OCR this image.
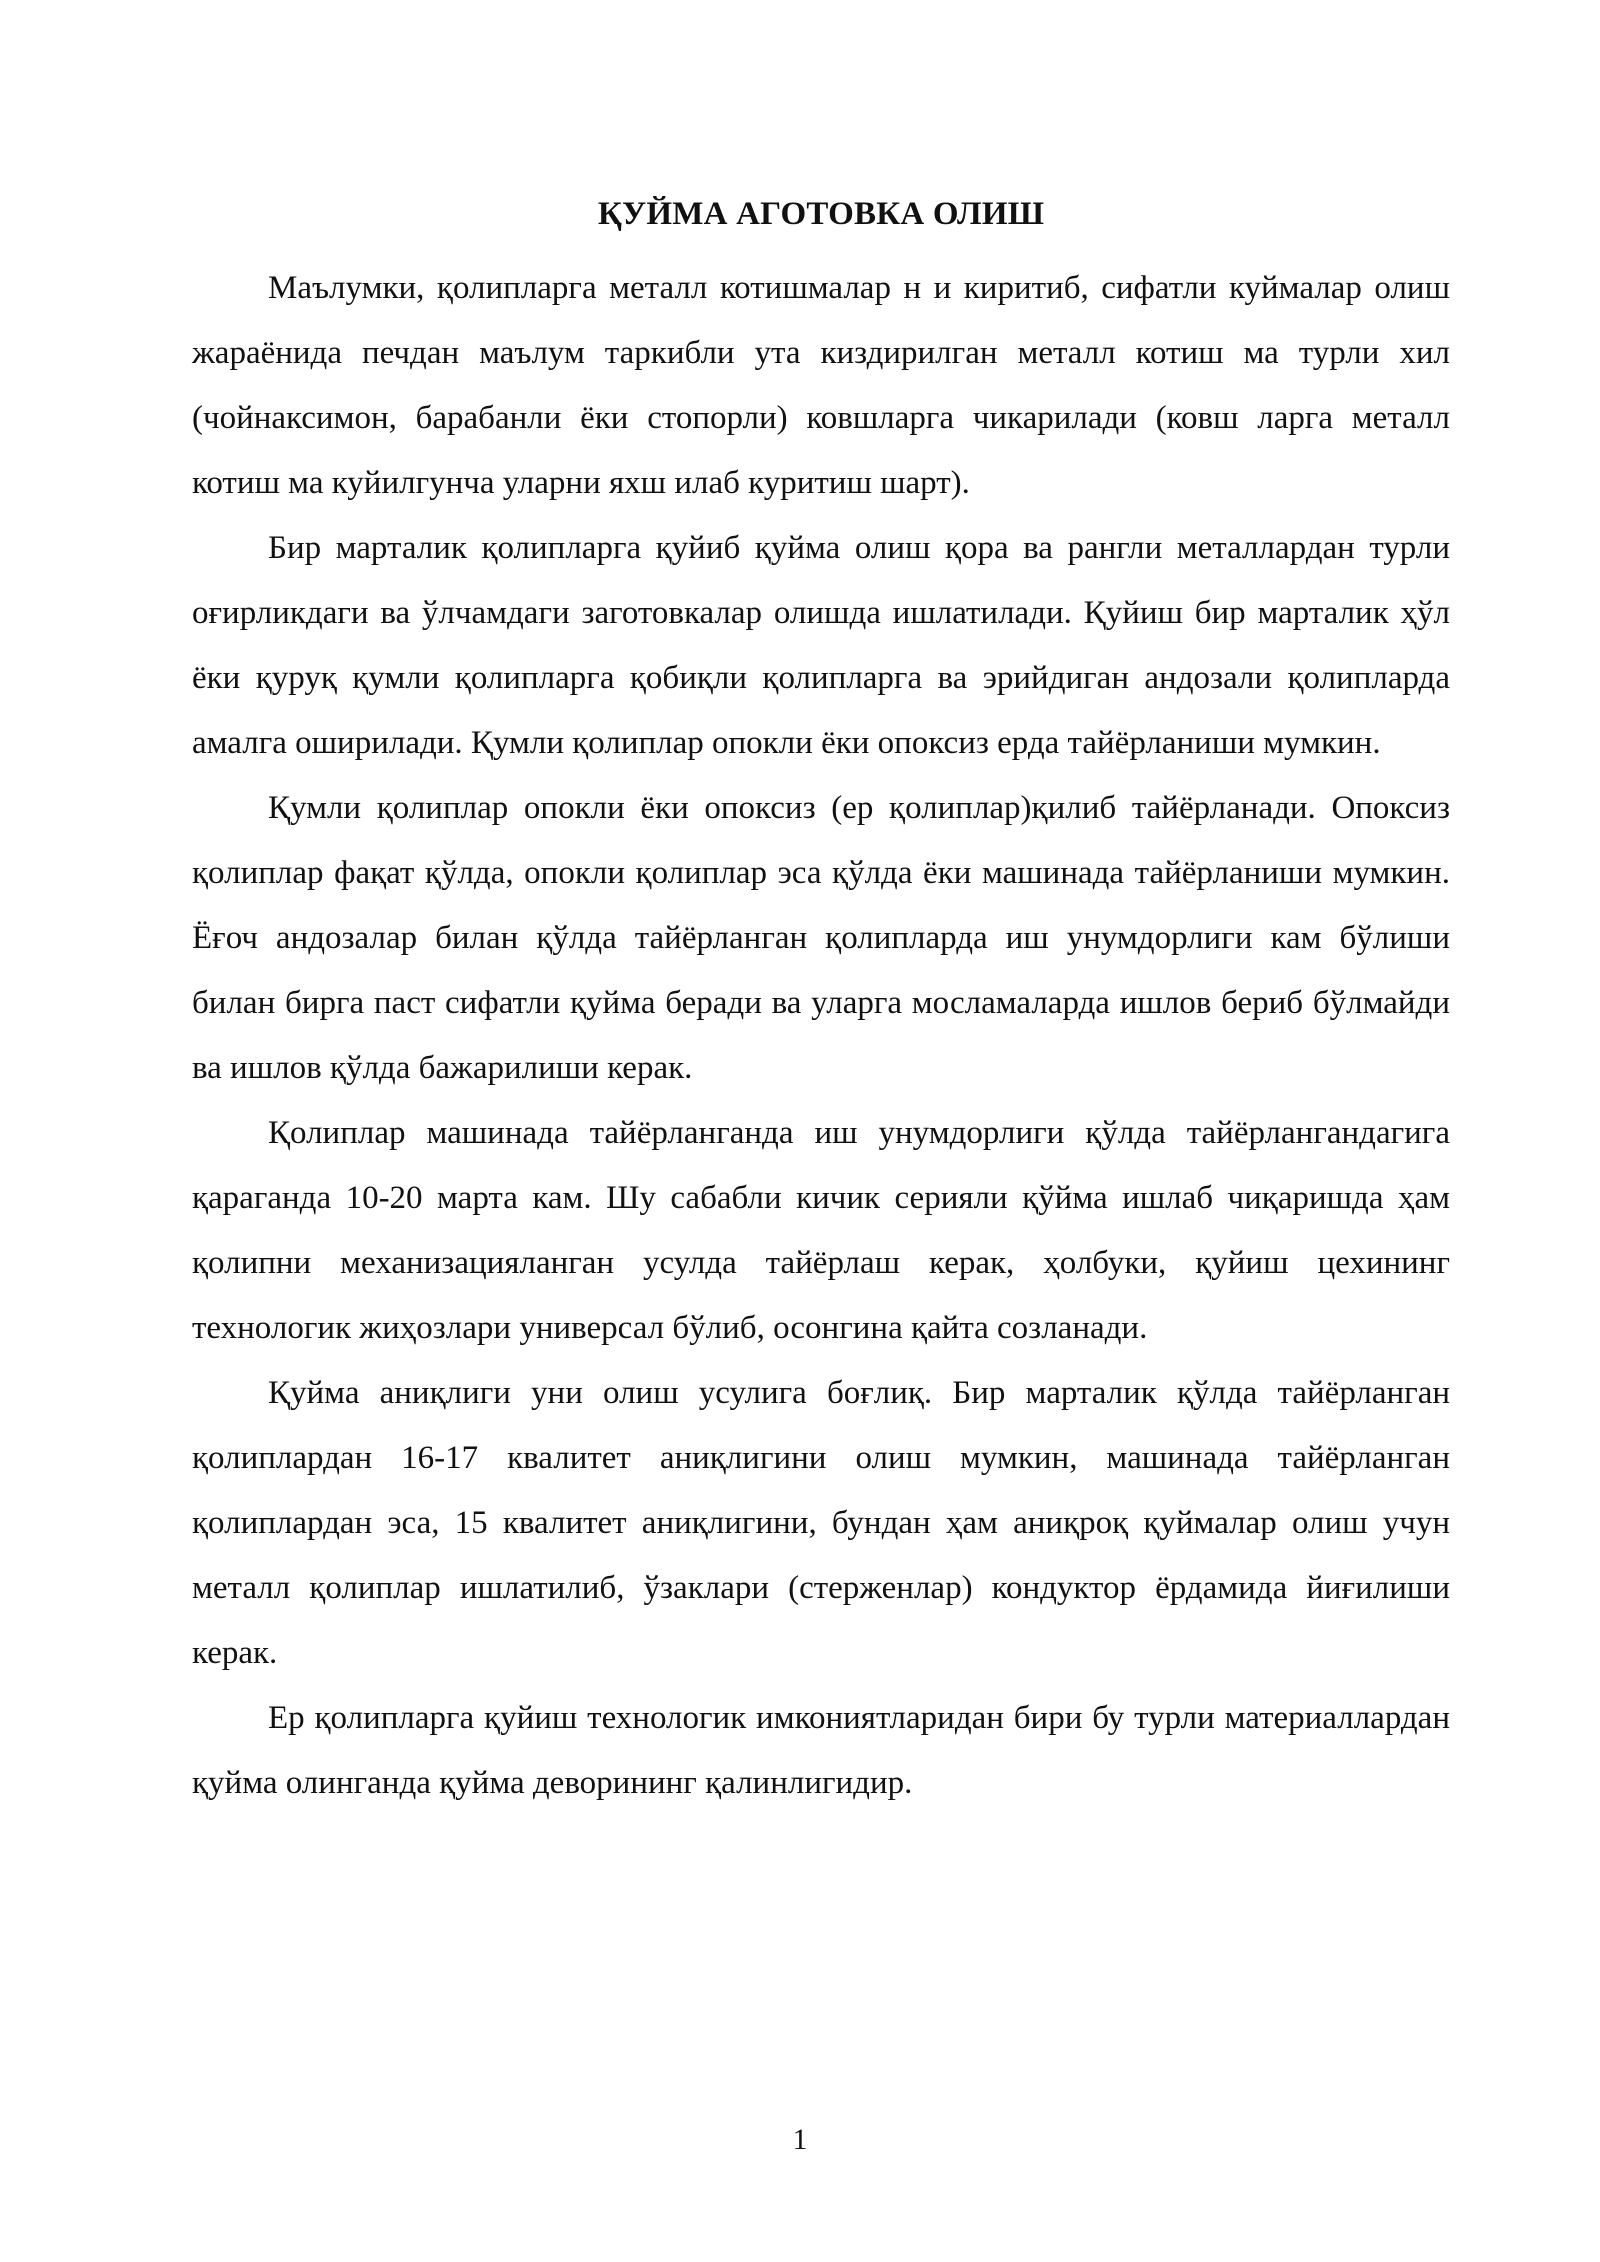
ҚУЙМА АГОТОВКА ОЛИШ

Маълумки, қолипларга металл котишмалар н и киритиб, сифатли куймалар олиш жараёнида печдан маълум таркибли ута киздирилган металл котиш ма турли хил (чойнаксимон, барабанли ёки стопорли) ковшларга чикарилади (ковш ларга металл котиш ма куйилгунча уларни яхш илаб куритиш шарт).

Бир марталик қолипларга қуйиб қуйма олиш қора ва рангли металлардан турли оғирликдаги ва ўлчамдаги заготовкалар олишда ишлатилади. Қуйиш бир марталик ҳўл ёки қуруқ қумли қолипларга қобиқли қолипларга ва эрийдиган андозали қолипларда амалга оширилади. Қумли қолиплар опокли ёки опоксиз ерда тайёрланиши мумкин.

Қумли қолиплар опокли ёки опоксиз (ер қолиплар)қилиб тайёрланади. Опоксиз қолиплар фақат қўлда, опокли қолиплар эса қўлда ёки машинада тайёрланиши мумкин. Ёғоч андозалар билан қўлда тайёрланган қолипларда иш унумдорлиги кам бўлиши билан бирга паст сифатли қуйма беради ва уларга мосламаларда ишлов бериб бўлмайди ва ишлов қўлда бажарилиши керак.

Қолиплар машинада тайёрланганда иш унумдорлиги қўлда тайёрлангандагига қараганда 10-20 марта кам. Шу сабабли кичик серияли қўйма ишлаб чиқаришда ҳам қолипни механизацияланган усулда тайёрлаш керак, ҳолбуки, қуйиш цехининг технологик жиҳозлари универсал бўлиб, осонгина қайта созланади.

Қуйма аниқлиги уни олиш усулига боғлиқ. Бир марталик қўлда тайёрланган қолиплардан 16-17 квалитет аниқлигини олиш мумкин, машинада тайёрланган қолиплардан эса, 15 квалитет аниқлигини, бундан ҳам аниқроқ қуймалар олиш учун металл қолиплар ишлатилиб, ўзаклари (стерженлар) кондуктор ёрдамида йиғилиши керак.

Ер қолипларга қуйиш технологик имкониятларидан бири бу турли материаллардан қуйма олинганда қуйма деворининг қалинлигидир.

1
